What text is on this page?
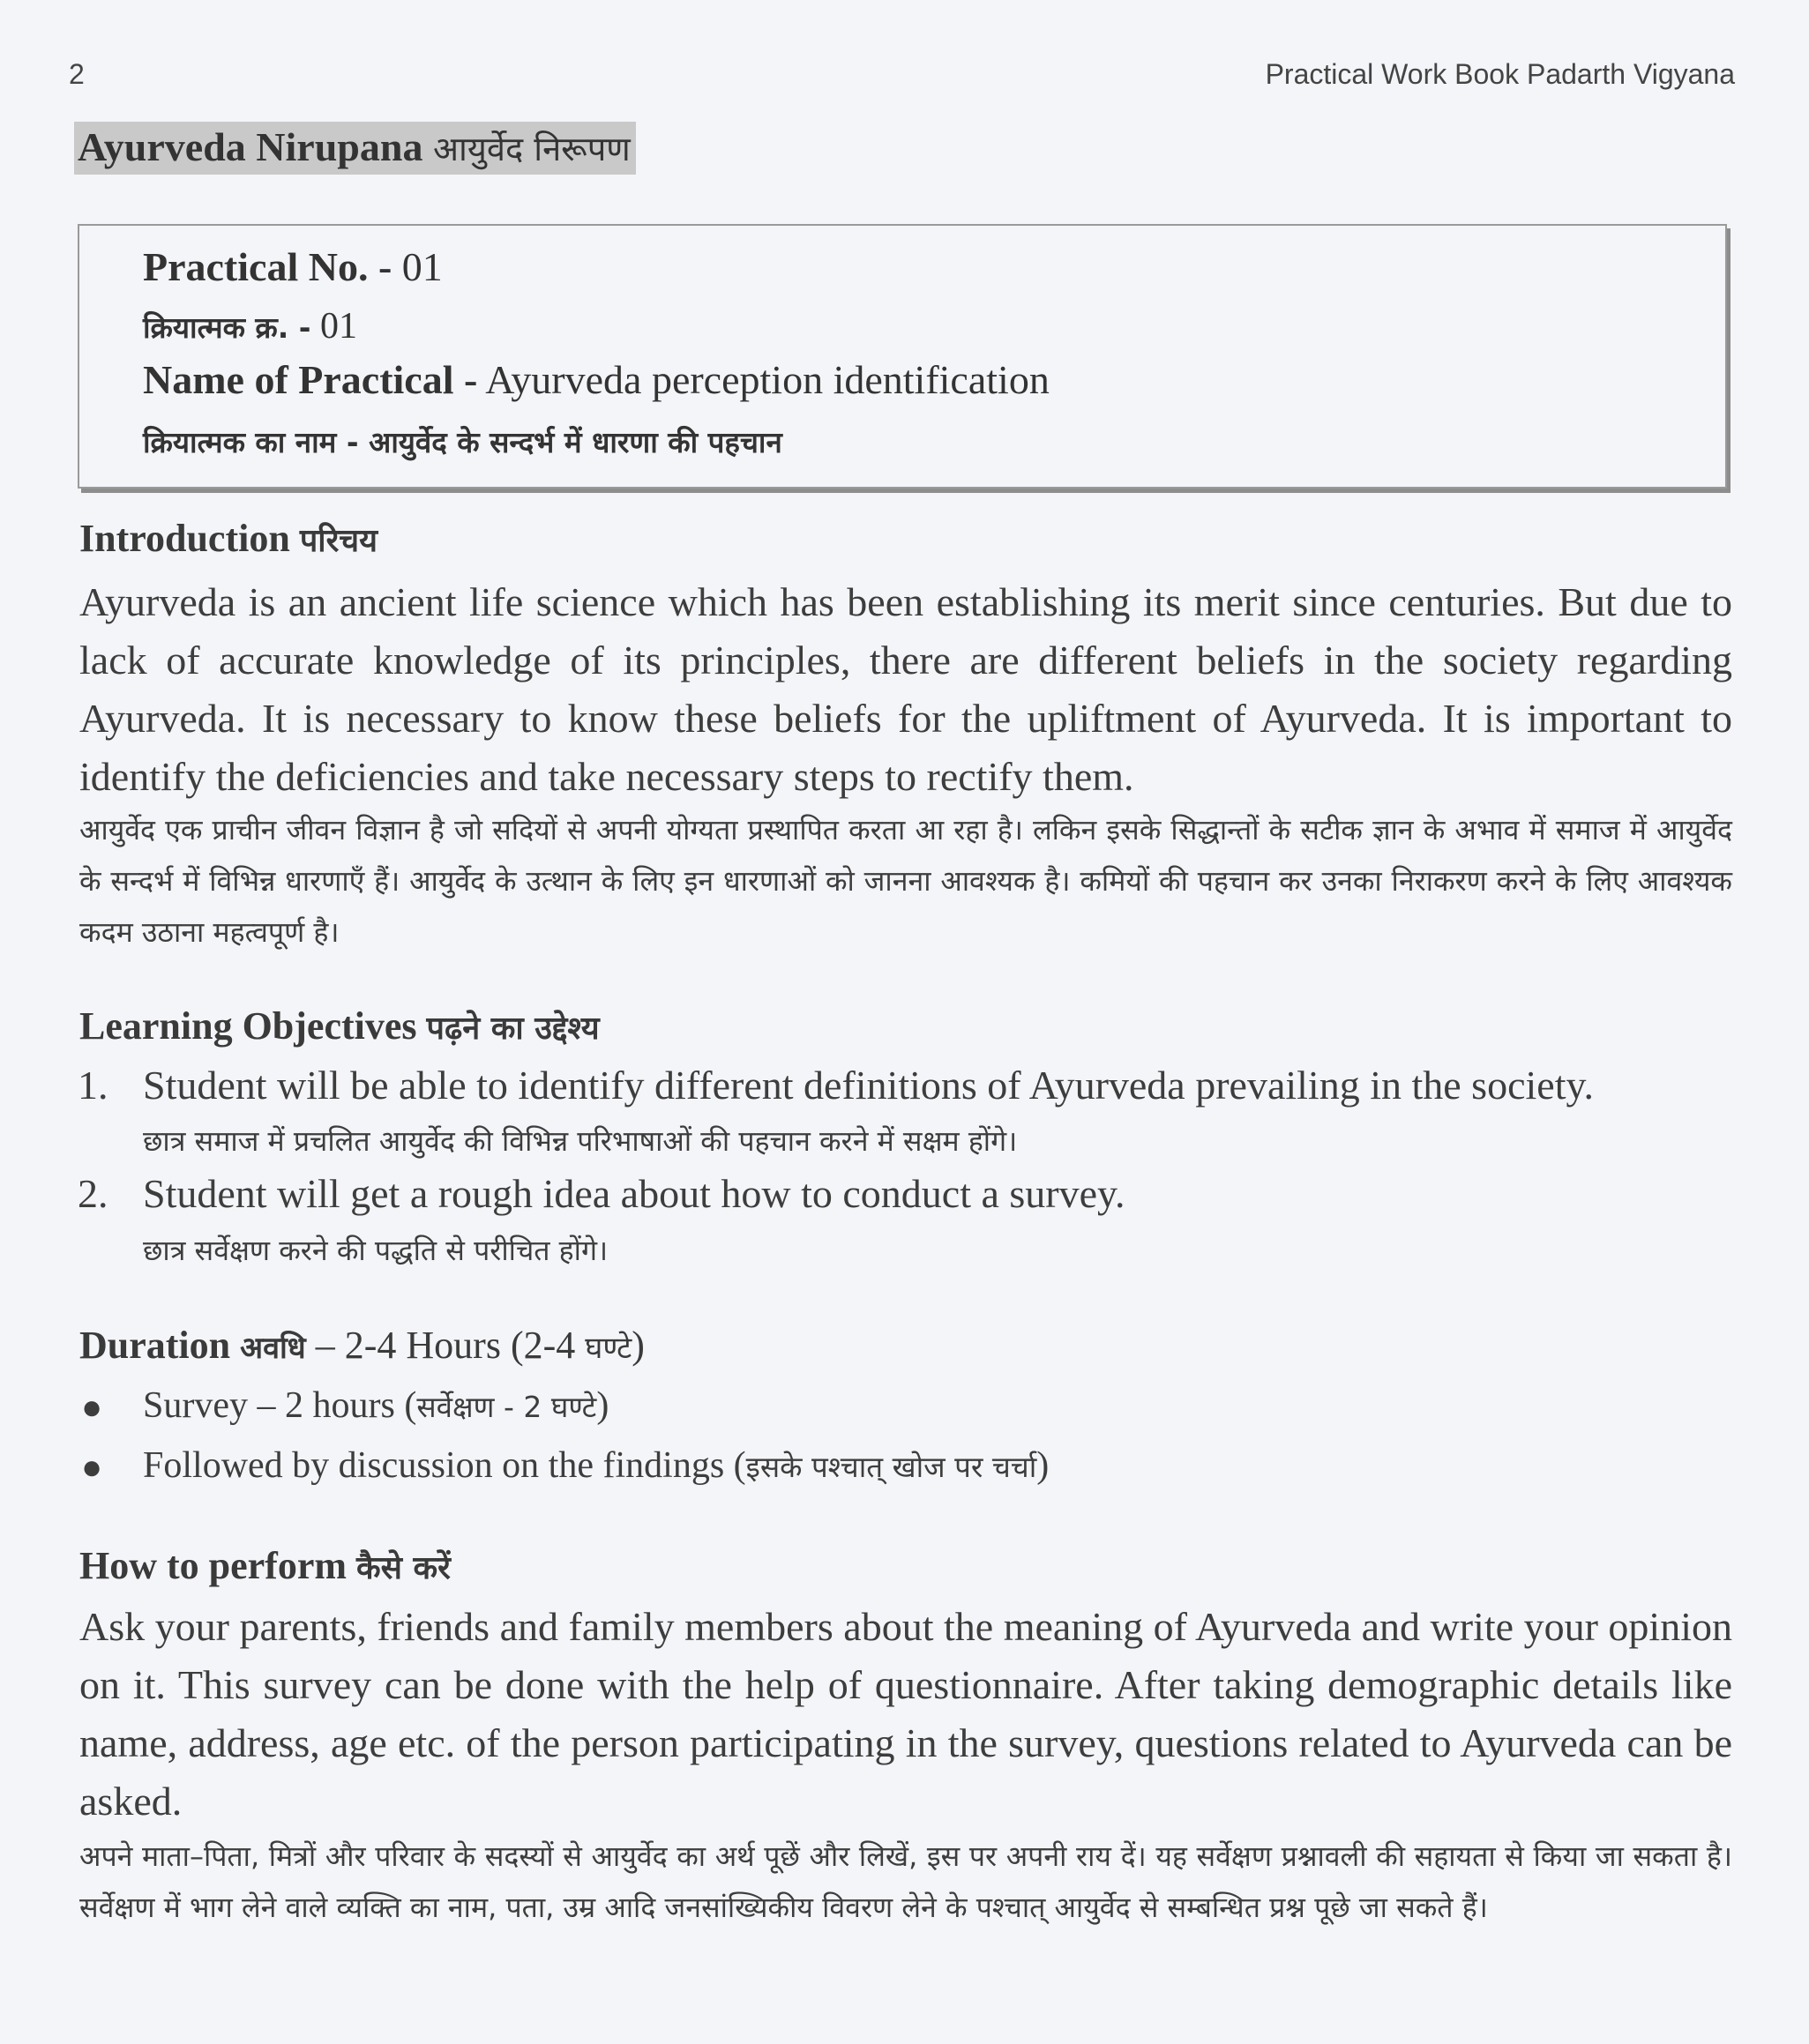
2	Practical Work Book Padarth Vigyana
Ayurveda Nirupana आयुर्वेद निरूपण
Practical No. - 01
क्रियात्मक क्र. - 01
Name of Practical - Ayurveda perception identification
क्रियात्मक का नाम - आयुर्वेद के सन्दर्भ में धारणा की पहचान
Introduction परिचय
Ayurveda is an ancient life science which has been establishing its merit since centuries. But due to lack of accurate knowledge of its principles, there are different beliefs in the society regarding Ayurveda. It is necessary to know these beliefs for the upliftment of Ayurveda. It is important to identify the deficiencies and take necessary steps to rectify them.
आयुर्वेद एक प्राचीन जीवन विज्ञान है जो सदियों से अपनी योग्यता प्रस्थापित करता आ रहा है। लकिन इसके सिद्धान्तों के सटीक ज्ञान के अभाव में समाज में आयुर्वेद के सन्दर्भ में विभिन्न धारणाएँ हैं। आयुर्वेद के उत्थान के लिए इन धारणाओं को जानना आवश्यक है। कमियों की पहचान कर उनका निराकरण करने के लिए आवश्यक कदम उठाना महत्वपूर्ण है।
Learning Objectives पढ़ने का उद्देश्य
1. Student will be able to identify different definitions of Ayurveda prevailing in the society.
छात्र समाज में प्रचलित आयुर्वेद की विभिन्न परिभाषाओं की पहचान करने में सक्षम होंगे।
2. Student will get a rough idea about how to conduct a survey.
छात्र सर्वेक्षण करने की पद्धति से परीचित होंगे।
Duration अवधि – 2-4 Hours (2-4 घण्टे)
● Survey – 2 hours (सर्वेक्षण - 2 घण्टे)
● Followed by discussion on the findings (इसके पश्चात् खोज पर चर्चा)
How to perform कैसे करें
Ask your parents, friends and family members about the meaning of Ayurveda and write your opinion on it. This survey can be done with the help of questionnaire. After taking demographic details like name, address, age etc. of the person participating in the survey, questions related to Ayurveda can be asked.
अपने माता–पिता, मित्रों और परिवार के सदस्यों से आयुर्वेद का अर्थ पूछें और लिखें, इस पर अपनी राय दें। यह सर्वेक्षण प्रश्नावली की सहायता से किया जा सकता है। सर्वेक्षण में भाग लेने वाले व्यक्ति का नाम, पता, उम्र आदि जनसांख्यिकीय विवरण लेने के पश्चात् आयुर्वेद से सम्बन्धित प्रश्न पूछे जा सकते हैं।
